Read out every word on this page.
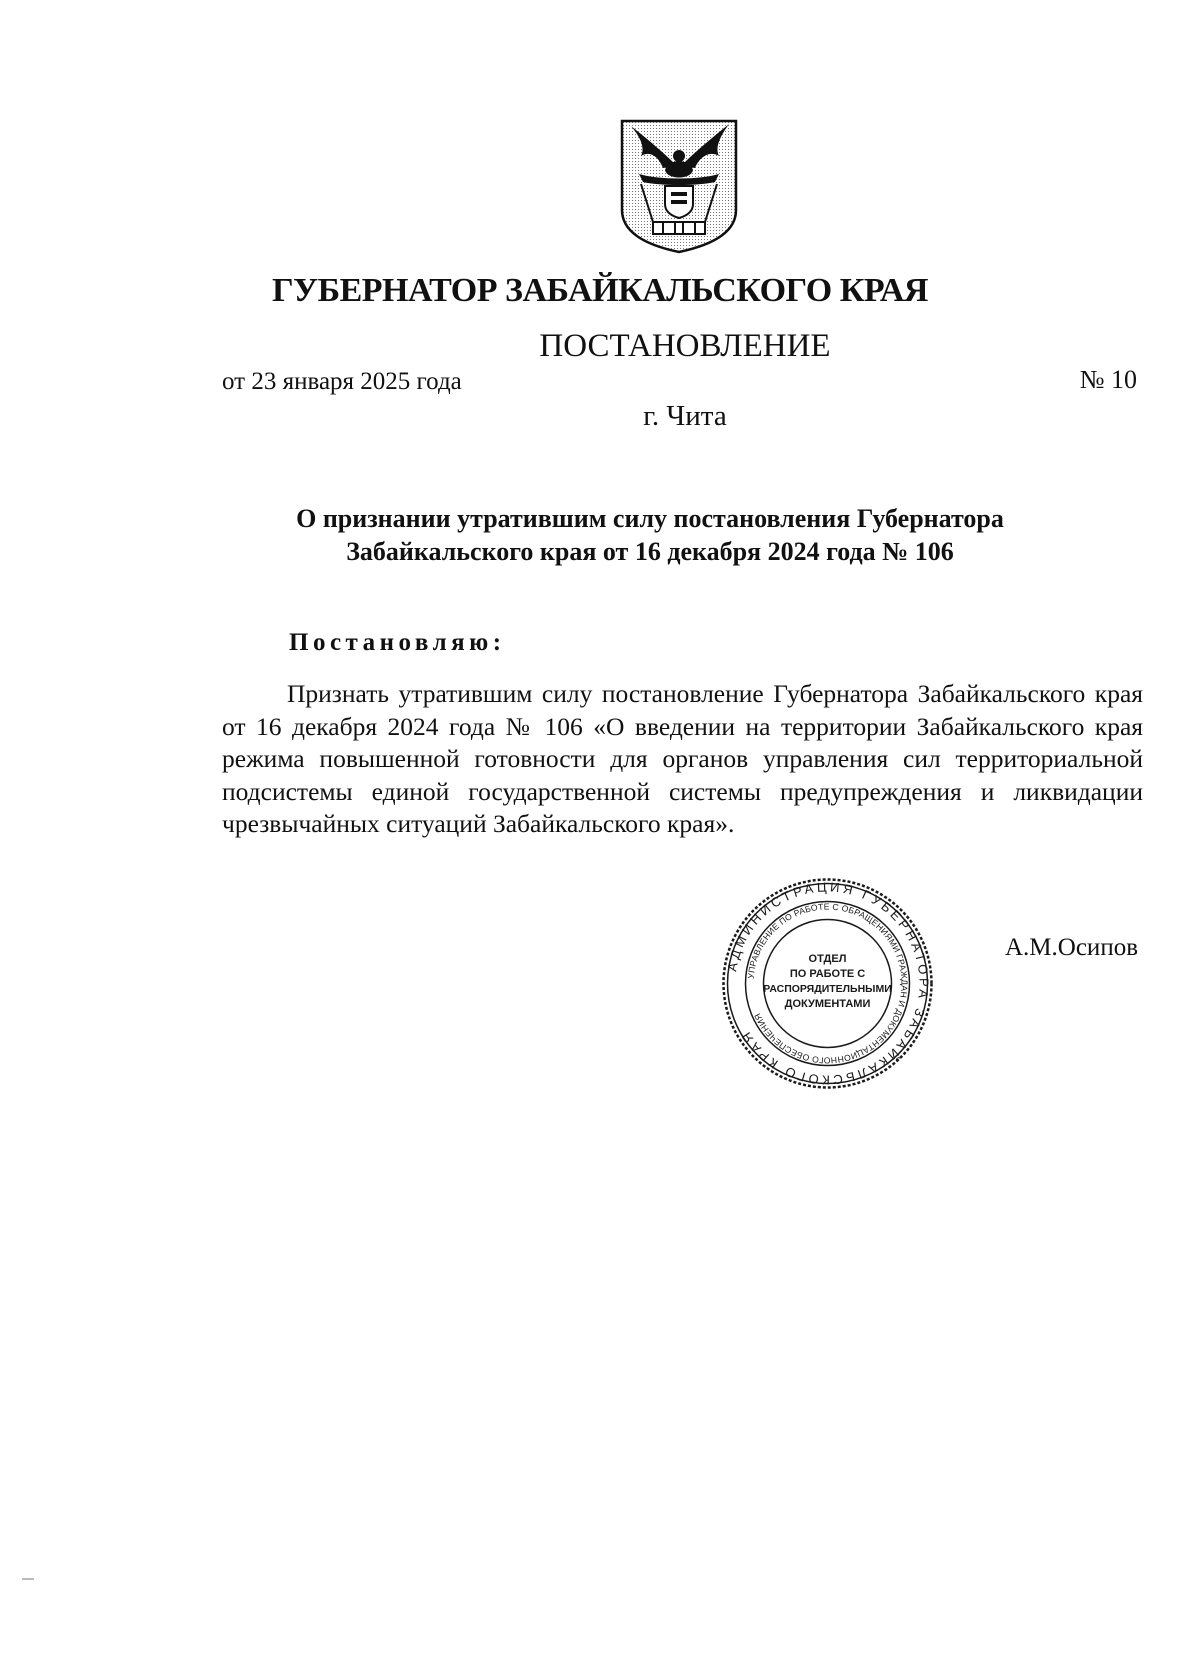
ГУБЕРНАТОР ЗАБАЙКАЛЬСКОГО КРАЯ
ПОСТАНОВЛЕНИЕ
от 23 января 2025 года	№ 10
г. Чита
О признании утратившим силу постановления Губернатора
Забайкальского края от 16 декабря 2024 года № 106
Постановляю:
Признать утратившим силу постановление Губернатора Забайкальского края от 16 декабря 2024 года № 106 «О введении на территории Забайкальского края режима повышенной готовности для органов управления сил территориальной подсистемы единой государственной системы предупреждения и ликвидации чрезвычайных ситуаций Забайкальского края».
АДМИНИСТРАЦИЯ ГУБЕРНАТОРА ЗАБАЙКАЛЬСКОГО КРАЯ
УПРАВЛЕНИЕ ПО РАБОТЕ С ОБРАЩЕНИЯМИ ГРАЖДАН И ДОКУМЕНТАЦИОННОГО ОБЕСПЕЧЕНИЯ
ОТДЕЛ
ПО РАБОТЕ С
РАСПОРЯДИТЕЛЬНЫМИ
ДОКУМЕНТАМИ
А.М.Осипов
